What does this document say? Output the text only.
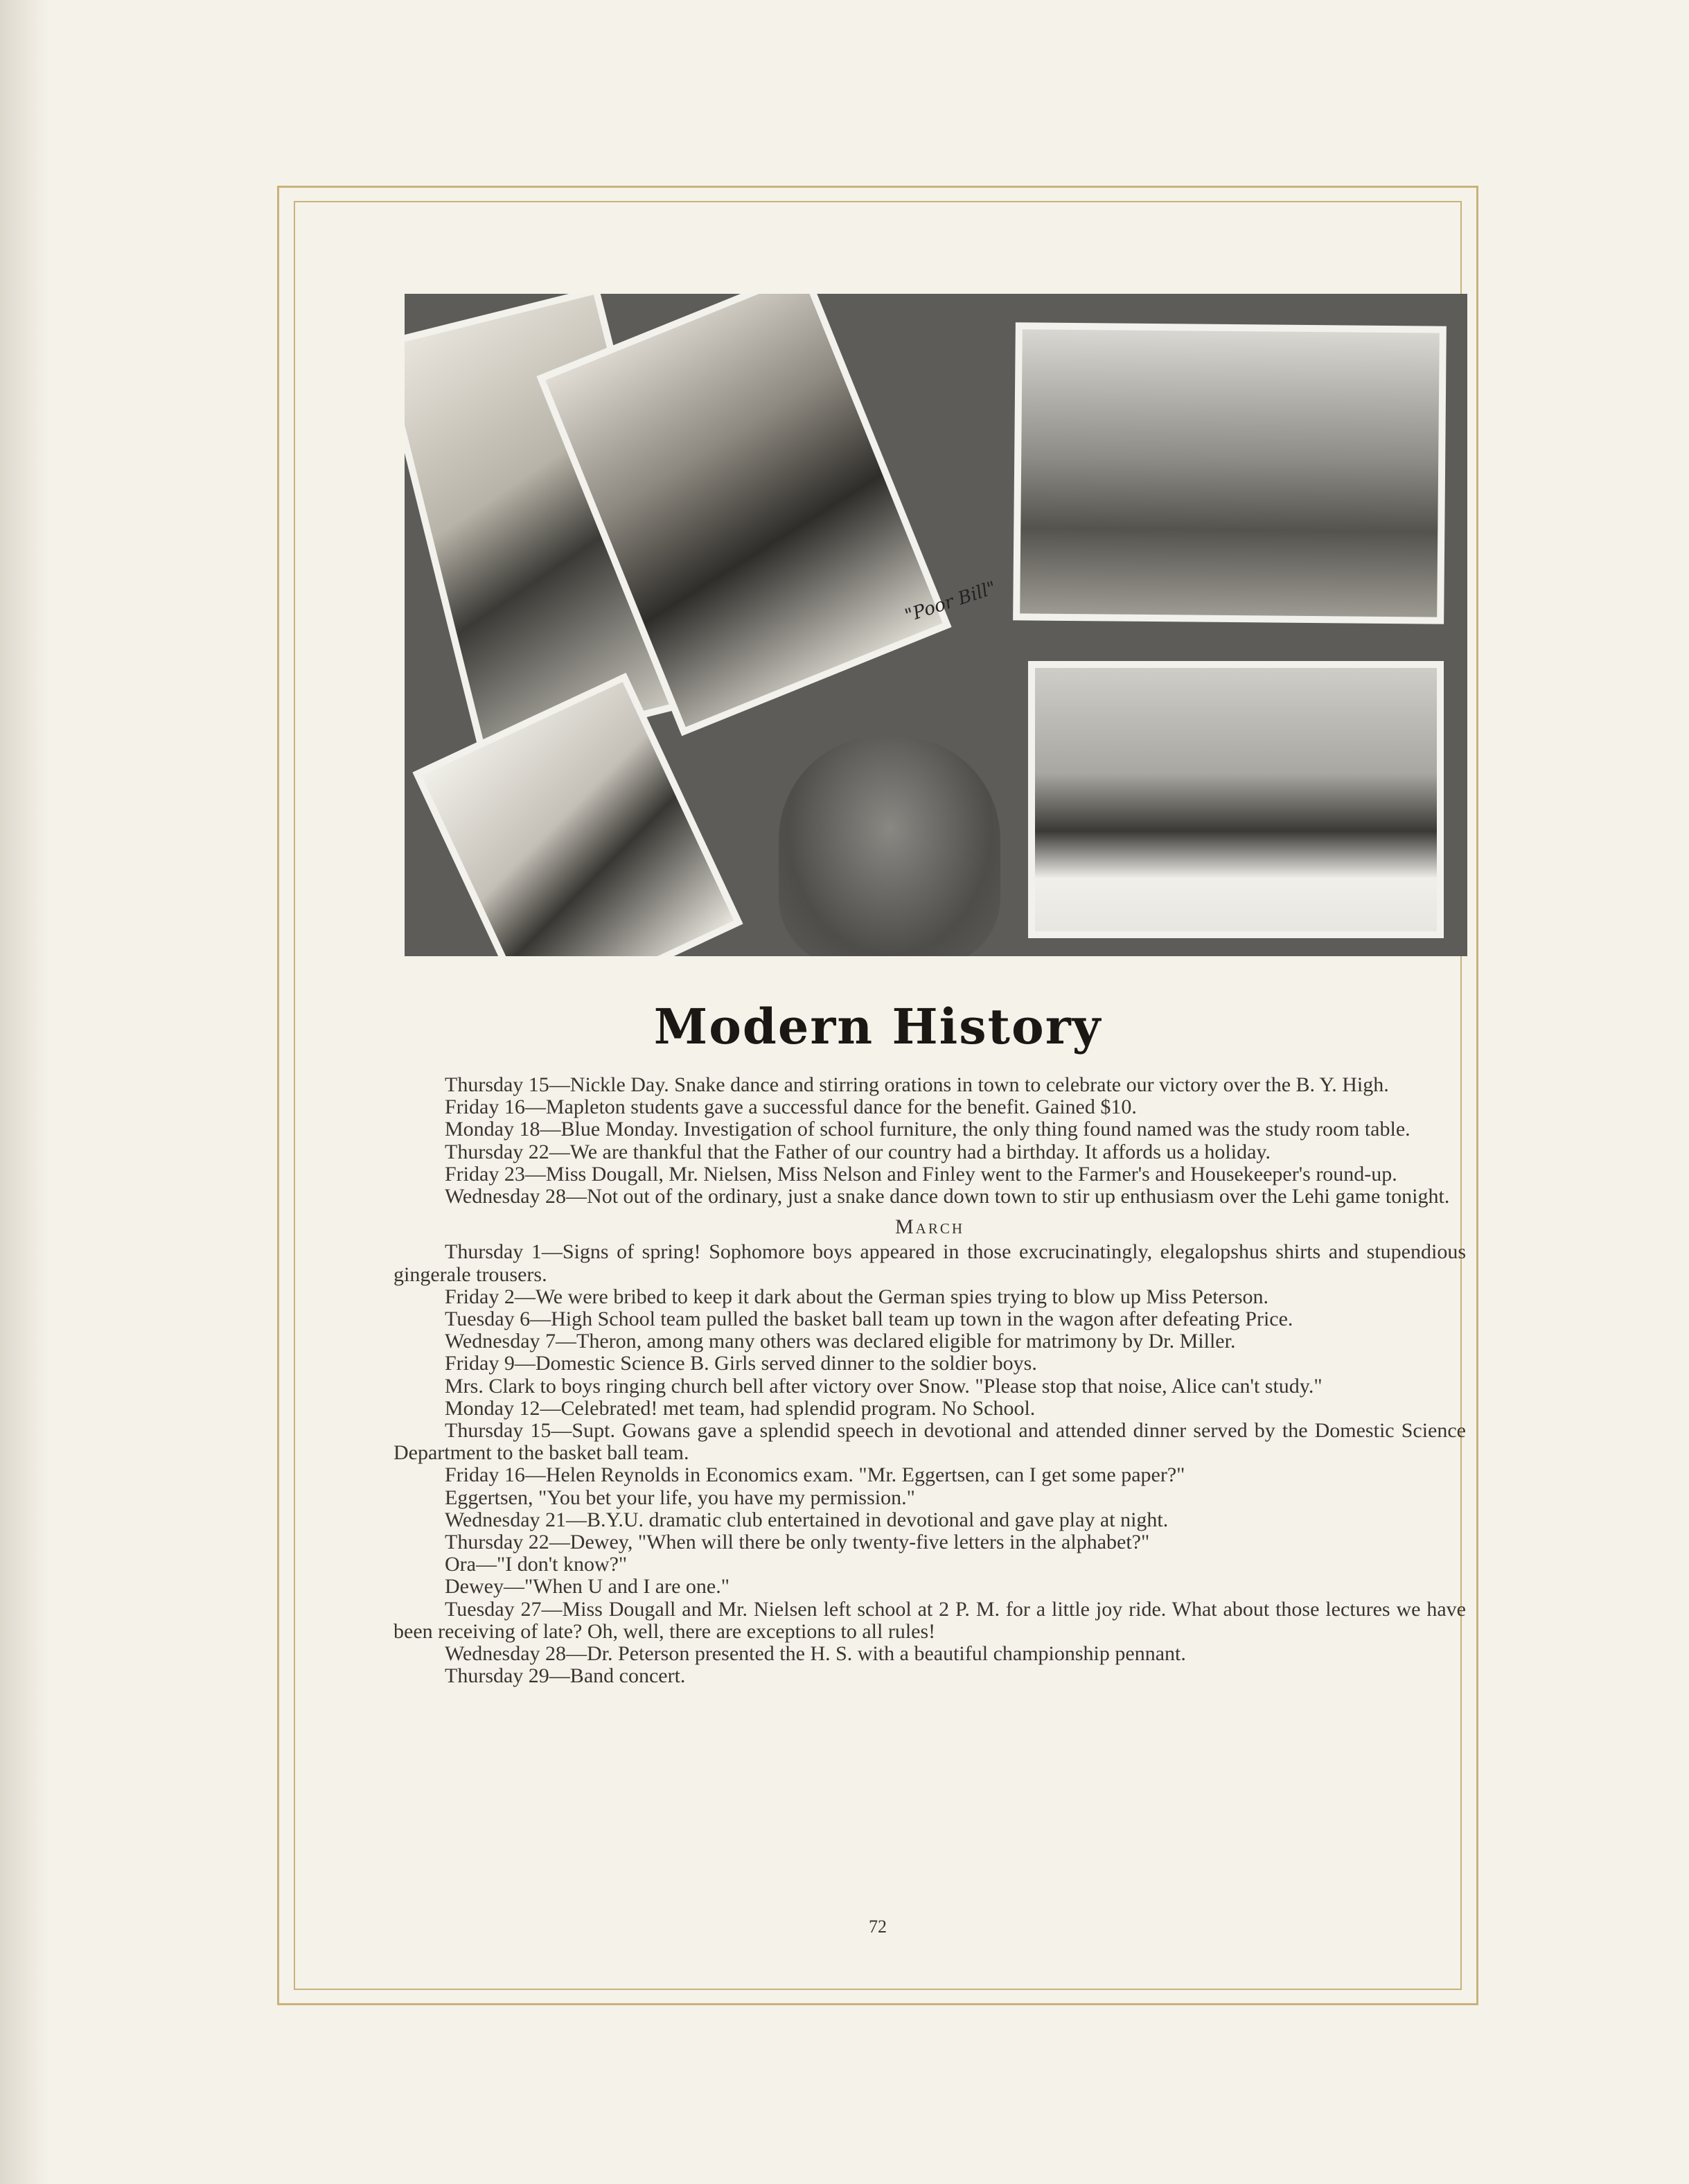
"Poor Bill"
Modern History

Thursday 15—Nickle Day. Snake dance and stirring orations in town to celebrate our victory over the B. Y. High.

Friday 16—Mapleton students gave a successful dance for the benefit. Gained $10.

Monday 18—Blue Monday. Investigation of school furniture, the only thing found named was the study room table.

Thursday 22—We are thankful that the Father of our country had a birthday. It affords us a holiday.

Friday 23—Miss Dougall, Mr. Nielsen, Miss Nelson and Finley went to the Farmer's and Housekeeper's round-up.

Wednesday 28—Not out of the ordinary, just a snake dance down town to stir up enthusiasm over the Lehi game tonight.

March

Thursday 1—Signs of spring! Sophomore boys appeared in those excrucinatingly, elegalopshus shirts and stupendious gingerale trousers.

Friday 2—We were bribed to keep it dark about the German spies trying to blow up Miss Peterson.

Tuesday 6—High School team pulled the basket ball team up town in the wagon after defeating Price.

Wednesday 7—Theron, among many others was declared eligible for matrimony by Dr. Miller.

Friday 9—Domestic Science B. Girls served dinner to the soldier boys.

Mrs. Clark to boys ringing church bell after victory over Snow. "Please stop that noise, Alice can't study."

Monday 12—Celebrated! met team, had splendid program. No School.

Thursday 15—Supt. Gowans gave a splendid speech in devotional and attended dinner served by the Domestic Science Department to the basket ball team.

Friday 16—Helen Reynolds in Economics exam. "Mr. Eggertsen, can I get some paper?"

Eggertsen, "You bet your life, you have my permission."

Wednesday 21—B.Y.U. dramatic club entertained in devotional and gave play at night.

Thursday 22—Dewey, "When will there be only twenty-five letters in the alphabet?"

Ora—"I don't know?"

Dewey—"When U and I are one."

Tuesday 27—Miss Dougall and Mr. Nielsen left school at 2 P. M. for a little joy ride. What about those lectures we have been receiving of late? Oh, well, there are exceptions to all rules!

Wednesday 28—Dr. Peterson presented the H. S. with a beautiful championship pennant.

Thursday 29—Band concert.

72
